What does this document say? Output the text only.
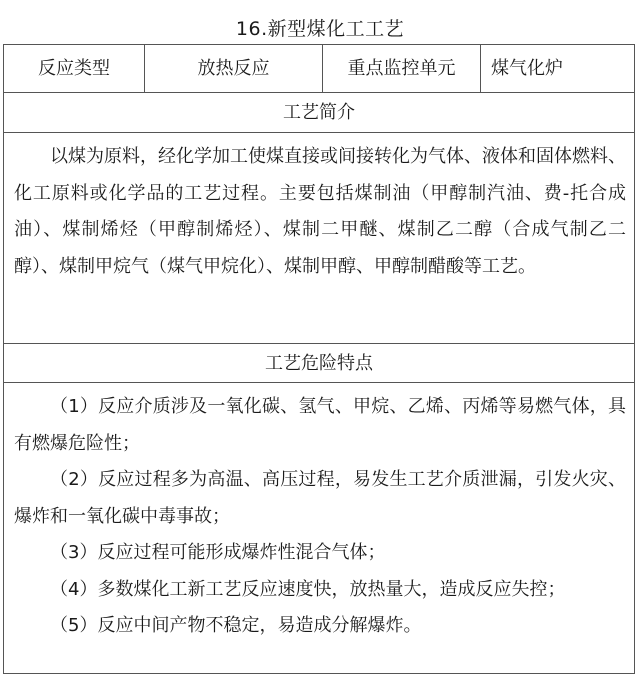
16.新型煤化工工艺
反应类型	放热反应	重点监控单元	煤气化炉
工艺简介
以煤为原料，经化学加工使煤直接或间接转化为气体、液体和固体燃料、化工原料或化学品的工艺过程。主要包括煤制油（甲醇制汽油、费-托合成油）、煤制烯烃（甲醇制烯烃）、煤制二甲醚、煤制乙二醇（合成气制乙二醇）、煤制甲烷气（煤气甲烷化）、煤制甲醇、甲醇制醋酸等工艺。
工艺危险特点

（1）反应介质涉及一氧化碳、氢气、甲烷、乙烯、丙烯等易燃气体，具有燃爆危险性；

（2）反应过程多为高温、高压过程，易发生工艺介质泄漏，引发火灾、爆炸和一氧化碳中毒事故；

（3）反应过程可能形成爆炸性混合气体；

（4）多数煤化工新工艺反应速度快，放热量大，造成反应失控；

（5）反应中间产物不稳定，易造成分解爆炸。
